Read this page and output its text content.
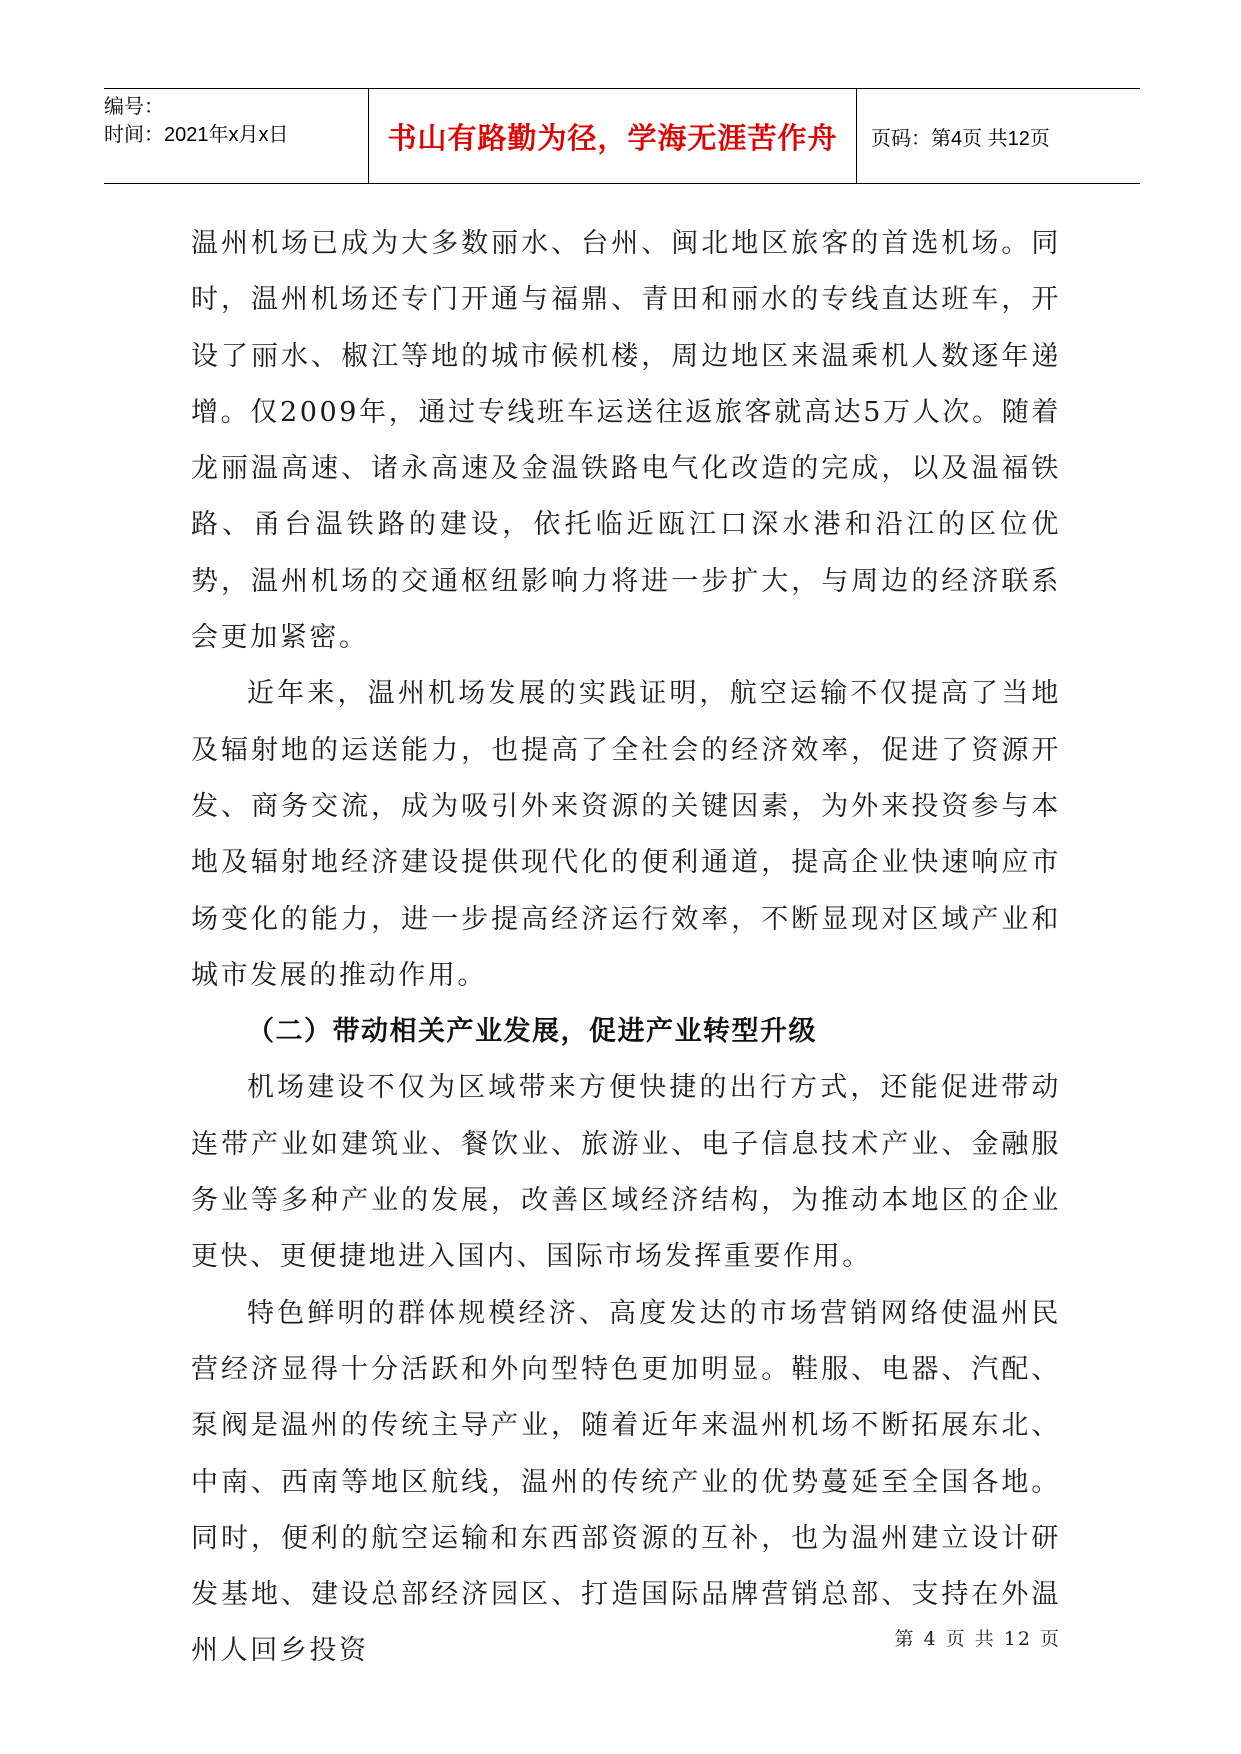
编号：
时间：2021年x月x日	书山有路勤为径，学海无涯苦作舟	页码：第4页 共12页

温州机场已成为大多数丽水、台州、闽北地区旅客的首选机场。同时，温州机场还专门开通与福鼎、青田和丽水的专线直达班车，开设了丽水、椒江等地的城市候机楼，周边地区来温乘机人数逐年递增。仅2009年，通过专线班车运送往返旅客就高达5万人次。随着龙丽温高速、诸永高速及金温铁路电气化改造的完成，以及温福铁路、甬台温铁路的建设，依托临近瓯江口深水港和沿江的区位优势，温州机场的交通枢纽影响力将进一步扩大，与周边的经济联系会更加紧密。

近年来，温州机场发展的实践证明，航空运输不仅提高了当地及辐射地的运送能力，也提高了全社会的经济效率，促进了资源开发、商务交流，成为吸引外来资源的关键因素，为外来投资参与本地及辐射地经济建设提供现代化的便利通道，提高企业快速响应市场变化的能力，进一步提高经济运行效率，不断显现对区域产业和城市发展的推动作用。

（二）带动相关产业发展，促进产业转型升级

机场建设不仅为区域带来方便快捷的出行方式，还能促进带动连带产业如建筑业、餐饮业、旅游业、电子信息技术产业、金融服务业等多种产业的发展，改善区域经济结构，为推动本地区的企业更快、更便捷地进入国内、国际市场发挥重要作用。

特色鲜明的群体规模经济、高度发达的市场营销网络使温州民营经济显得十分活跃和外向型特色更加明显。鞋服、电器、汽配、泵阀是温州的传统主导产业，随着近年来温州机场不断拓展东北、中南、西南等地区航线，温州的传统产业的优势蔓延至全国各地。同时，便利的航空运输和东西部资源的互补，也为温州建立设计研发基地、建设总部经济园区、打造国际品牌营销总部、支持在外温州人回乡投资	第 4 页 共 12 页
